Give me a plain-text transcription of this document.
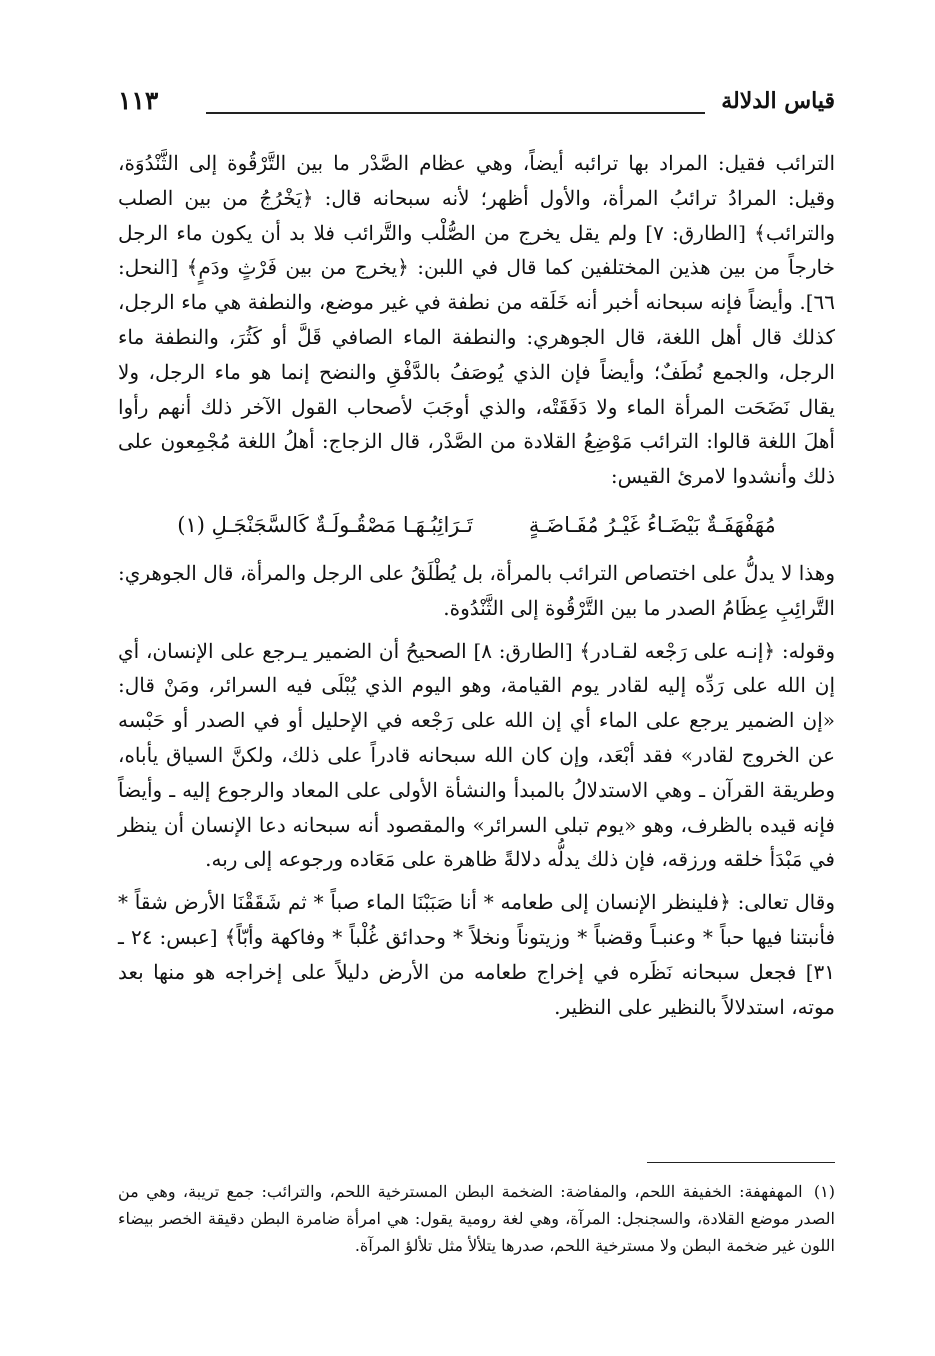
قياس الدلالة
١١٣

الترائب فقيل: المراد بها ترائبه أيضاً، وهي عظام الصَّدْر ما بين التَّرْقُوة إلى الثَّنْدُوَة، وقيل: المرادُ ترائبُ المرأة، والأول أظهر؛ لأنه سبحانه قال: ﴿يَخْرُجُ من بين الصلب والترائب﴾ [الطارق: ٧] ولم يقل يخرج من الصُّلْب والتَّرائب فلا بد أن يكون ماء الرجل خارجاً من بين هذين المختلفين كما قال في اللبن: ﴿يخرج من بين فَرْثٍ ودَمٍ﴾ [النحل: ٦٦]. وأيضاً فإنه سبحانه أخبر أنه خَلَقه من نطفة في غير موضع، والنطفة هي ماء الرجل، كذلك قال أهل اللغة، قال الجوهري: والنطفة الماء الصافي قَلَّ أو كَثُرَ، والنطفة ماء الرجل، والجمع نُطَفٌ؛ وأيضاً فإن الذي يُوصَفُ بالدَّفْقِ والنضح إنما هو ماء الرجل، ولا يقال نَضَحَت المرأة الماء ولا دَفَقَتْه، والذي أوجَبَ لأصحاب القول الآخر ذلك أنهم رأوا أهلَ اللغة قالوا: الترائب مَوْضِعُ القلادة من الصَّدْر، قال الزجاج: أهلُ اللغة مُجْمِعون على ذلك وأنشدوا لامرئ القيس:

مُهَفْهَفَـةٌ بَيْضَـاءُ غَيْـرُ مُفَـاضَـةٍ
تَـرَائِبُـهَـا مَصْقُـولَـةٌ كَالسَّجَنْجَـلِ (١)

وهذا لا يدلُّ على اختصاص الترائب بالمرأة، بل يُطْلَقُ على الرجل والمرأة، قال الجوهري: التَّرائِبِ عِظَامُ الصدر ما بين التَّرْقُوة إلى الثَّنْدُوة.

وقوله: ﴿إنـه على رَجْعه لقـادر﴾ [الطارق: ٨] الصحيحُ أن الضمير يـرجع على الإنسان، أي إن الله على رَدِّه إليه لقادر يوم القيامة، وهو اليوم الذي يُبْلَى فيه السرائر، ومَنْ قال: «إن الضمير يرجع على الماء أي إن الله على رَجْعه في الإحليل أو في الصدر أو حَبْسه عن الخروج لقادر» فقد أبْعَد، وإن كان الله سبحانه قادراً على ذلك، ولكنَّ السياق يأباه، وطريقة القرآن ـ وهي الاستدلالُ بالمبدأ والنشأة الأولى على المعاد والرجوع إليه ـ وأيضاً فإنه قيده بالظرف، وهو «يوم تبلى السرائر» والمقصود أنه سبحانه دعا الإنسان أن ينظر في مَبْدَأ خلقه ورزقه، فإن ذلك يدلُّه دلالةً ظاهرة على مَعَاده ورجوعه إلى ربه.

وقال تعالى: ﴿فلينظر الإنسان إلى طعامه * أنا صَبَبْنَا الماء صباً * ثم شَقَقْنَا الأرض شقاً * فأنبتنا فيها حباً * وعنبـاً وقضباً * وزيتوناً ونخلاً * وحدائق غُلْباً * وفاكهة وأبّاً﴾ [عبس: ٢٤ ـ ٣١] فجعل سبحانه نَظَره في إخراج طعامه من الأرض دليلاً على إخراجه هو منها بعد موته، استدلالاً بالنظير على النظير.

(١) المهفهفة: الخفيفة اللحم، والمفاضة: الضخمة البطن المسترخية اللحم، والترائب: جمع تريبة، وهي من الصدر موضع القلادة، والسجنجل: المرآة، وهي لغة رومية يقول: هي امرأة ضامرة البطن دقيقة الخصر بيضاء اللون غير ضخمة البطن ولا مسترخية اللحم، صدرها يتلألأ مثل تلألؤ المرآة.
